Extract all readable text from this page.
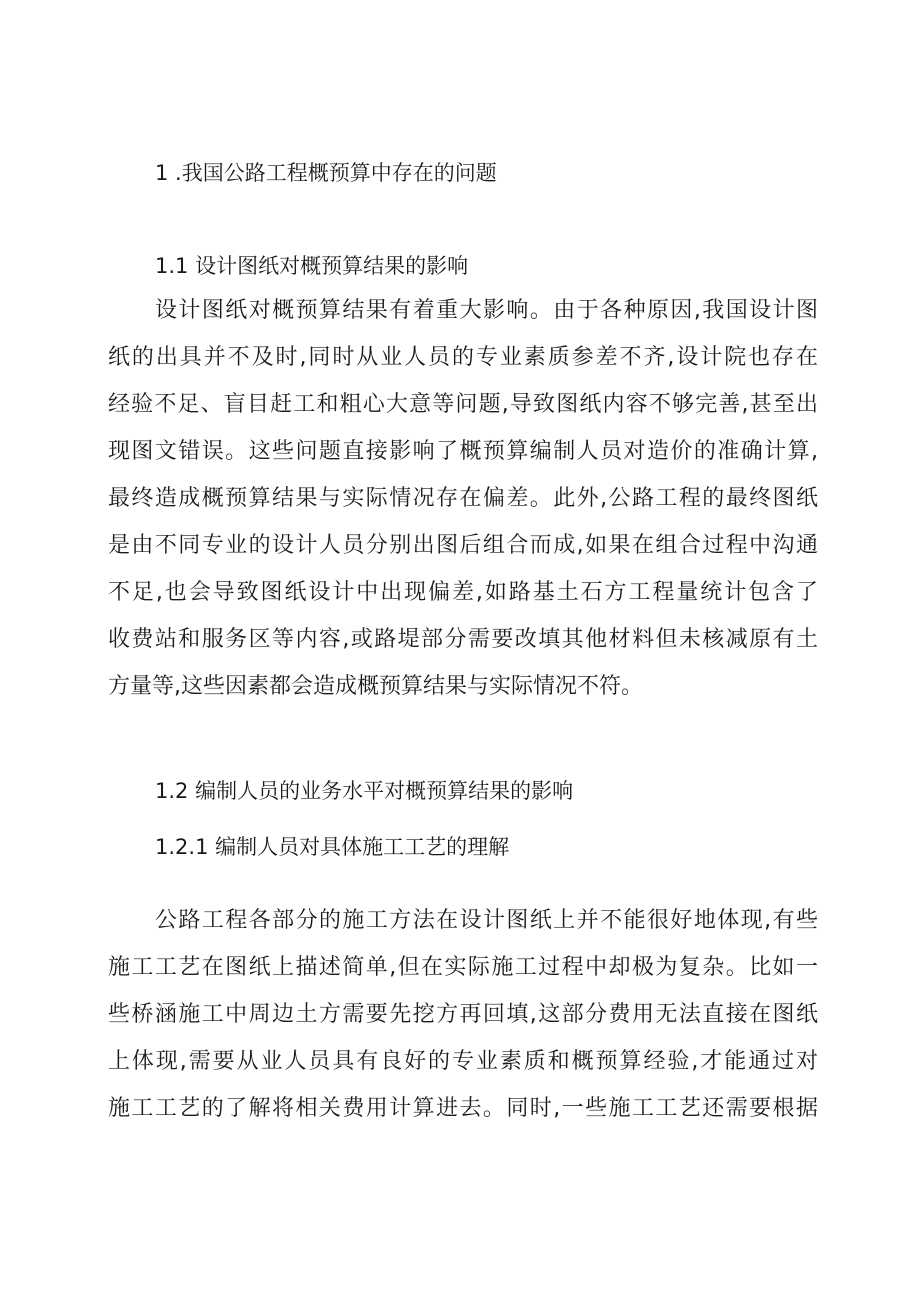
1 .我国公路工程概预算中存在的问题
1.1 设计图纸对概预算结果的影响
设计图纸对概预算结果有着重大影响。由于各种原因,我国设计图
纸的出具并不及时,同时从业人员的专业素质参差不齐,设计院也存在
经验不足、盲目赶工和粗心大意等问题,导致图纸内容不够完善,甚至出
现图文错误。这些问题直接影响了概预算编制人员对造价的准确计算,
最终造成概预算结果与实际情况存在偏差。此外,公路工程的最终图纸
是由不同专业的设计人员分别出图后组合而成,如果在组合过程中沟通
不足,也会导致图纸设计中出现偏差,如路基土石方工程量统计包含了
收费站和服务区等内容,或路堤部分需要改填其他材料但未核减原有土
方量等,这些因素都会造成概预算结果与实际情况不符。
1.2 编制人员的业务水平对概预算结果的影响
1.2.1 编制人员对具体施工工艺的理解
公路工程各部分的施工方法在设计图纸上并不能很好地体现,有些
施工工艺在图纸上描述简单,但在实际施工过程中却极为复杂。比如一
些桥涵施工中周边土方需要先挖方再回填,这部分费用无法直接在图纸
上体现,需要从业人员具有良好的专业素质和概预算经验,才能通过对
施工工艺的了解将相关费用计算进去。同时,一些施工工艺还需要根据
